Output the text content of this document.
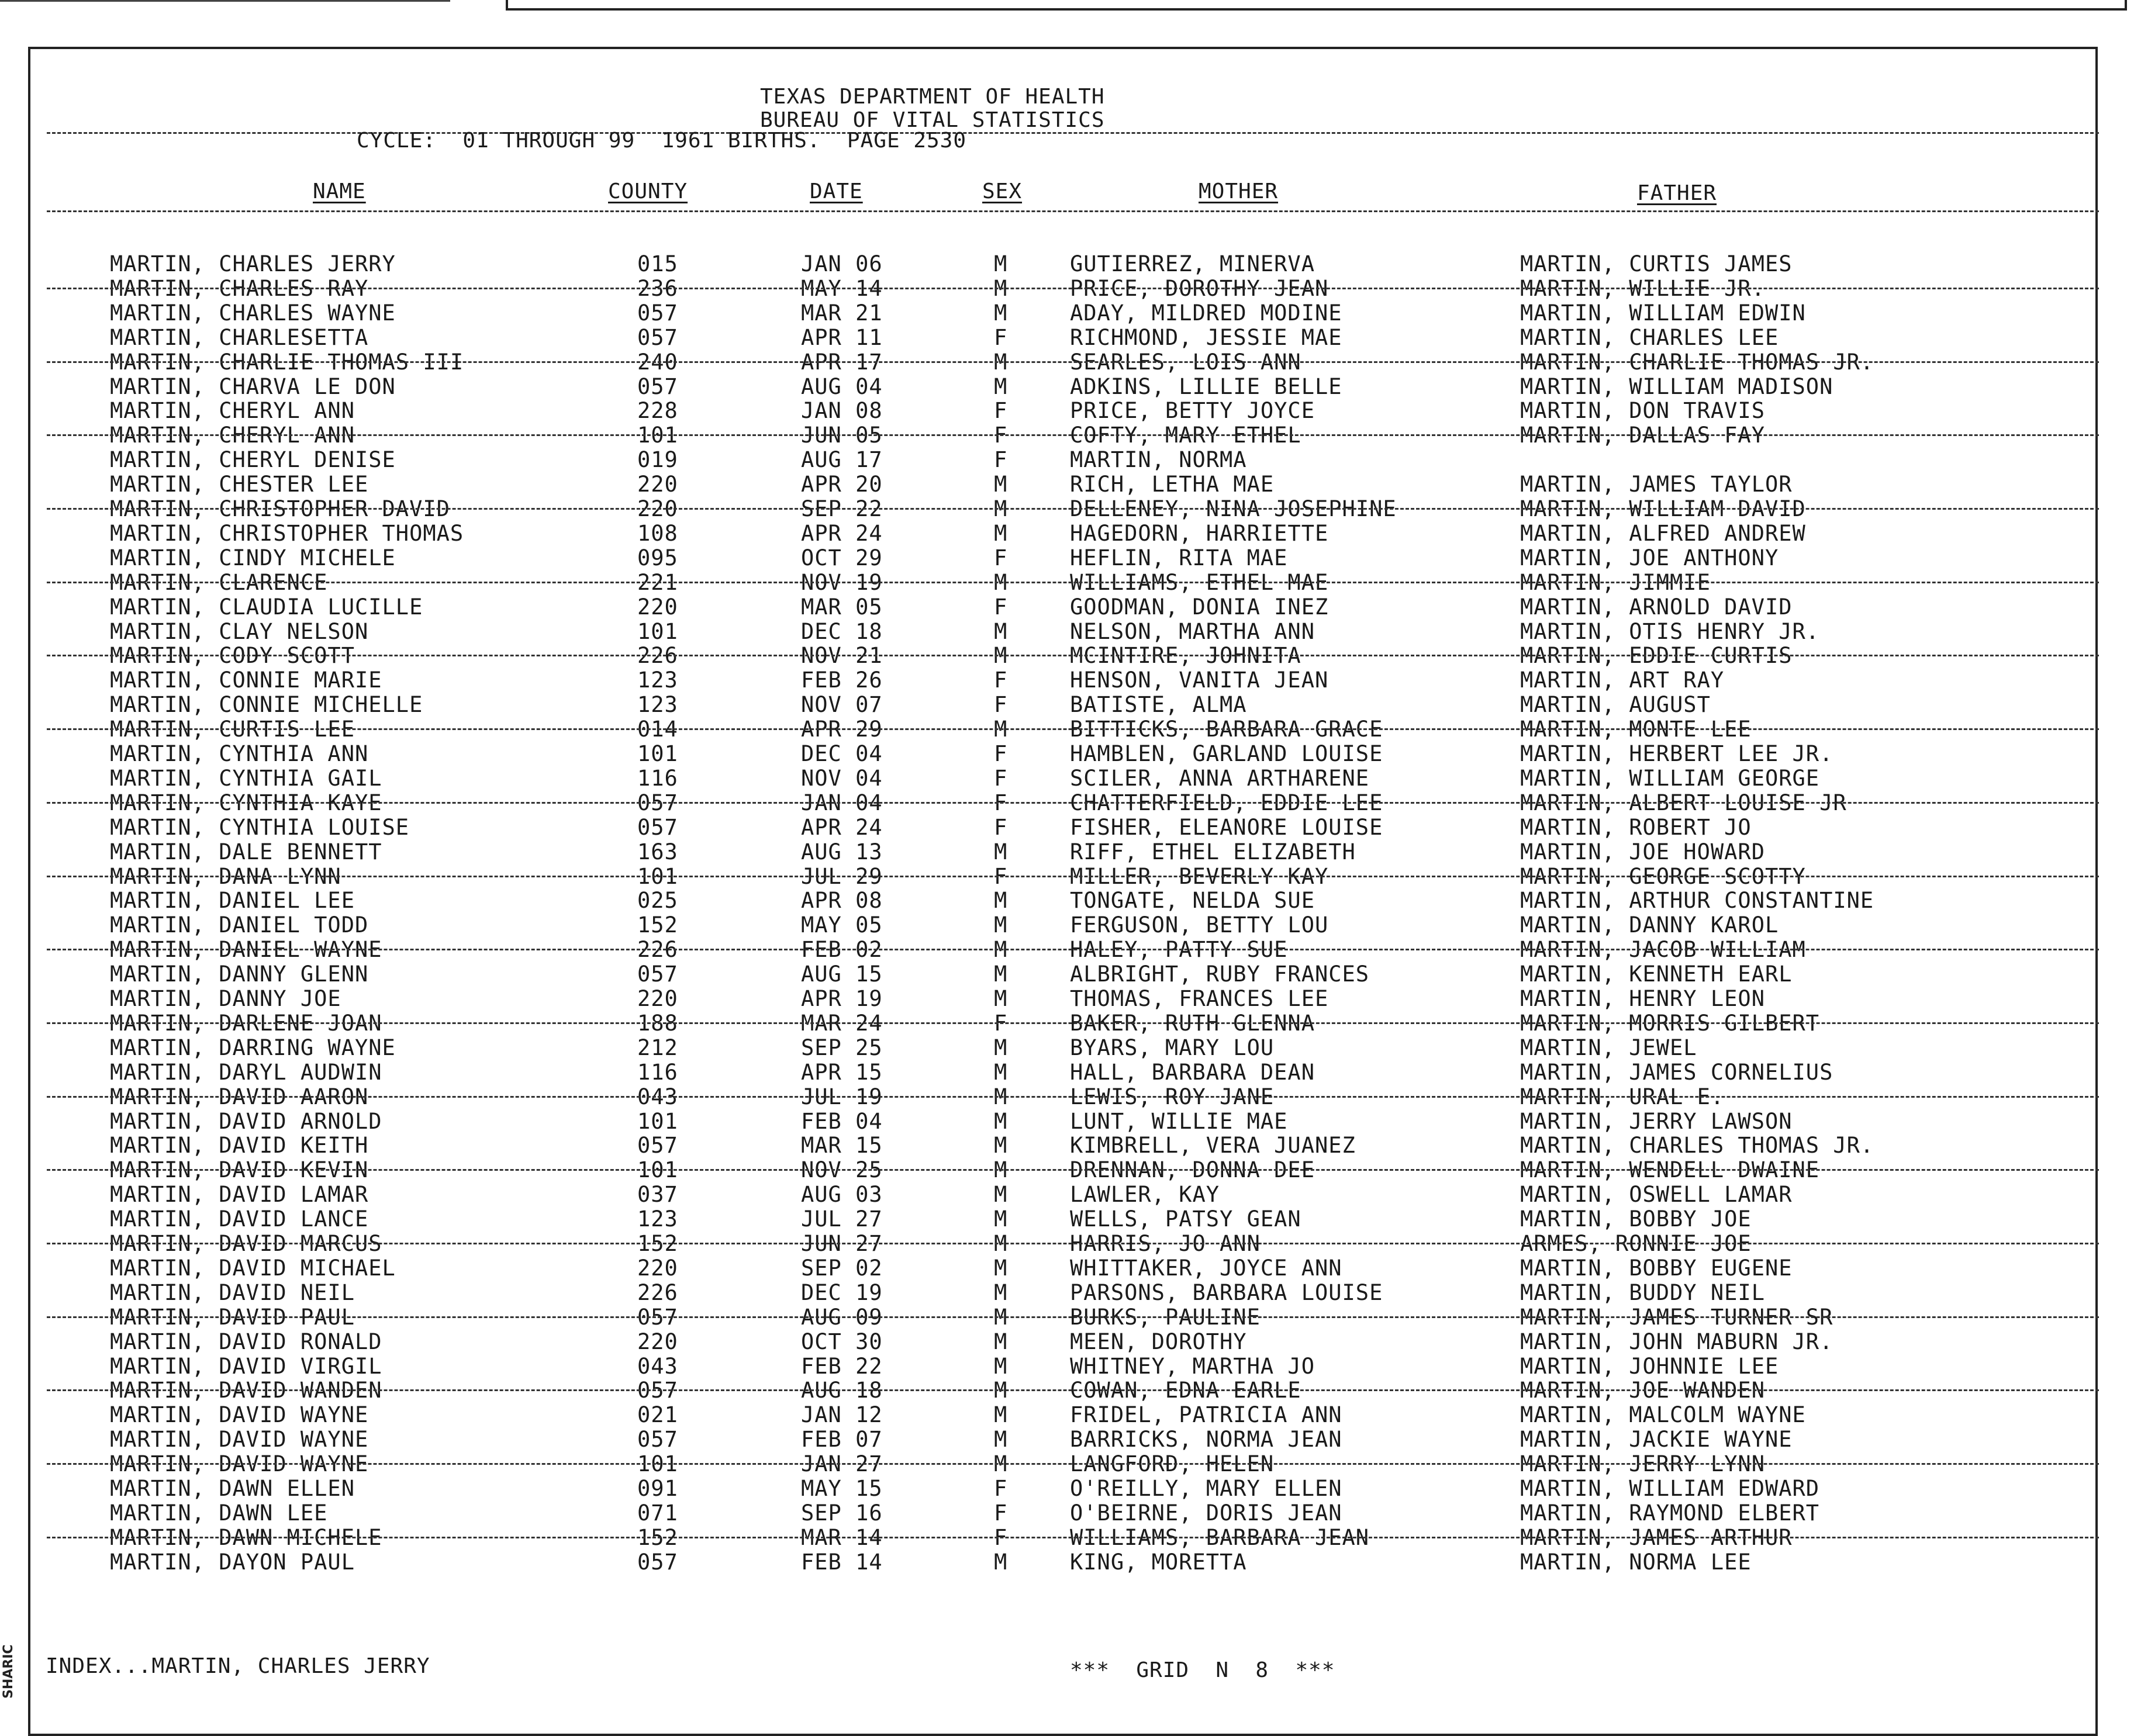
SHARIC
TEXAS DEPARTMENT OF HEALTH
BUREAU OF VITAL STATISTICS
CYCLE:  01 THROUGH 99  1961 BIRTHS.  PAGE 2530
NAME	COUNTY	DATE	SEX	MOTHER	FATHER
MARTIN, CHARLES JERRY	015	JAN 06	M	GUTIERREZ, MINERVA	MARTIN, CURTIS JAMES
MARTIN, CHARLES RAY	236	MAY 14	M	PRICE, DOROTHY JEAN	MARTIN, WILLIE JR.
MARTIN, CHARLES WAYNE	057	MAR 21	M	ADAY, MILDRED MODINE	MARTIN, WILLIAM EDWIN
MARTIN, CHARLESETTA	057	APR 11	F	RICHMOND, JESSIE MAE	MARTIN, CHARLES LEE
MARTIN, CHARLIE THOMAS III	240	APR 17	M	SEARLES, LOIS ANN	MARTIN, CHARLIE THOMAS JR.
MARTIN, CHARVA LE DON	057	AUG 04	M	ADKINS, LILLIE BELLE	MARTIN, WILLIAM MADISON
MARTIN, CHERYL ANN	228	JAN 08	F	PRICE, BETTY JOYCE	MARTIN, DON TRAVIS
MARTIN, CHERYL ANN	101	JUN 05	F	COFTY, MARY ETHEL	MARTIN, DALLAS FAY
MARTIN, CHERYL DENISE	019	AUG 17	F	MARTIN, NORMA
MARTIN, CHESTER LEE	220	APR 20	M	RICH, LETHA MAE	MARTIN, JAMES TAYLOR
MARTIN, CHRISTOPHER DAVID	220	SEP 22	M	DELLENEY, NINA JOSEPHINE	MARTIN, WILLIAM DAVID
MARTIN, CHRISTOPHER THOMAS	108	APR 24	M	HAGEDORN, HARRIETTE	MARTIN, ALFRED ANDREW
MARTIN, CINDY MICHELE	095	OCT 29	F	HEFLIN, RITA MAE	MARTIN, JOE ANTHONY
MARTIN, CLARENCE	221	NOV 19	M	WILLIAMS, ETHEL MAE	MARTIN, JIMMIE
MARTIN, CLAUDIA LUCILLE	220	MAR 05	F	GOODMAN, DONIA INEZ	MARTIN, ARNOLD DAVID
MARTIN, CLAY NELSON	101	DEC 18	M	NELSON, MARTHA ANN	MARTIN, OTIS HENRY JR.
MARTIN, CODY SCOTT	226	NOV 21	M	MCINTIRE, JOHNITA	MARTIN, EDDIE CURTIS
MARTIN, CONNIE MARIE	123	FEB 26	F	HENSON, VANITA JEAN	MARTIN, ART RAY
MARTIN, CONNIE MICHELLE	123	NOV 07	F	BATISTE, ALMA	MARTIN, AUGUST
MARTIN, CURTIS LEE	014	APR 29	M	BITTICKS, BARBARA GRACE	MARTIN, MONTE LEE
MARTIN, CYNTHIA ANN	101	DEC 04	F	HAMBLEN, GARLAND LOUISE	MARTIN, HERBERT LEE JR.
MARTIN, CYNTHIA GAIL	116	NOV 04	F	SCILER, ANNA ARTHARENE	MARTIN, WILLIAM GEORGE
MARTIN, CYNTHIA KAYE	057	JAN 04	F	CHATTERFIELD, EDDIE LEE	MARTIN, ALBERT LOUISE JR
MARTIN, CYNTHIA LOUISE	057	APR 24	F	FISHER, ELEANORE LOUISE	MARTIN, ROBERT JO
MARTIN, DALE BENNETT	163	AUG 13	M	RIFF, ETHEL ELIZABETH	MARTIN, JOE HOWARD
MARTIN, DANA LYNN	101	JUL 29	F	MILLER, BEVERLY KAY	MARTIN, GEORGE SCOTTY
MARTIN, DANIEL LEE	025	APR 08	M	TONGATE, NELDA SUE	MARTIN, ARTHUR CONSTANTINE
MARTIN, DANIEL TODD	152	MAY 05	M	FERGUSON, BETTY LOU	MARTIN, DANNY KAROL
MARTIN, DANIEL WAYNE	226	FEB 02	M	HALEY, PATTY SUE	MARTIN, JACOB WILLIAM
MARTIN, DANNY GLENN	057	AUG 15	M	ALBRIGHT, RUBY FRANCES	MARTIN, KENNETH EARL
MARTIN, DANNY JOE	220	APR 19	M	THOMAS, FRANCES LEE	MARTIN, HENRY LEON
MARTIN, DARLENE JOAN	188	MAR 24	F	BAKER, RUTH GLENNA	MARTIN, MORRIS GILBERT
MARTIN, DARRING WAYNE	212	SEP 25	M	BYARS, MARY LOU	MARTIN, JEWEL
MARTIN, DARYL AUDWIN	116	APR 15	M	HALL, BARBARA DEAN	MARTIN, JAMES CORNELIUS
MARTIN, DAVID AARON	043	JUL 19	M	LEWIS, ROY JANE	MARTIN, URAL E.
MARTIN, DAVID ARNOLD	101	FEB 04	M	LUNT, WILLIE MAE	MARTIN, JERRY LAWSON
MARTIN, DAVID KEITH	057	MAR 15	M	KIMBRELL, VERA JUANEZ	MARTIN, CHARLES THOMAS JR.
MARTIN, DAVID KEVIN	101	NOV 25	M	DRENNAN, DONNA DEE	MARTIN, WENDELL DWAINE
MARTIN, DAVID LAMAR	037	AUG 03	M	LAWLER, KAY	MARTIN, OSWELL LAMAR
MARTIN, DAVID LANCE	123	JUL 27	M	WELLS, PATSY GEAN	MARTIN, BOBBY JOE
MARTIN, DAVID MARCUS	152	JUN 27	M	HARRIS, JO ANN	ARMES, RONNIE JOE
MARTIN, DAVID MICHAEL	220	SEP 02	M	WHITTAKER, JOYCE ANN	MARTIN, BOBBY EUGENE
MARTIN, DAVID NEIL	226	DEC 19	M	PARSONS, BARBARA LOUISE	MARTIN, BUDDY NEIL
MARTIN, DAVID PAUL	057	AUG 09	M	BURKS, PAULINE	MARTIN, JAMES TURNER SR
MARTIN, DAVID RONALD	220	OCT 30	M	MEEN, DOROTHY	MARTIN, JOHN MABURN JR.
MARTIN, DAVID VIRGIL	043	FEB 22	M	WHITNEY, MARTHA JO	MARTIN, JOHNNIE LEE
MARTIN, DAVID WANDEN	057	AUG 18	M	COWAN, EDNA EARLE	MARTIN, JOE WANDEN
MARTIN, DAVID WAYNE	021	JAN 12	M	FRIDEL, PATRICIA ANN	MARTIN, MALCOLM WAYNE
MARTIN, DAVID WAYNE	057	FEB 07	M	BARRICKS, NORMA JEAN	MARTIN, JACKIE WAYNE
MARTIN, DAVID WAYNE	101	JAN 27	M	LANGFORD, HELEN	MARTIN, JERRY LYNN
MARTIN, DAWN ELLEN	091	MAY 15	F	O'REILLY, MARY ELLEN	MARTIN, WILLIAM EDWARD
MARTIN, DAWN LEE	071	SEP 16	F	O'BEIRNE, DORIS JEAN	MARTIN, RAYMOND ELBERT
MARTIN, DAWN MICHELE	152	MAR 14	F	WILLIAMS, BARBARA JEAN	MARTIN, JAMES ARTHUR
MARTIN, DAYON PAUL	057	FEB 14	M	KING, MORETTA	MARTIN, NORMA LEE
INDEX...MARTIN, CHARLES JERRY	***  GRID  N  8  ***
